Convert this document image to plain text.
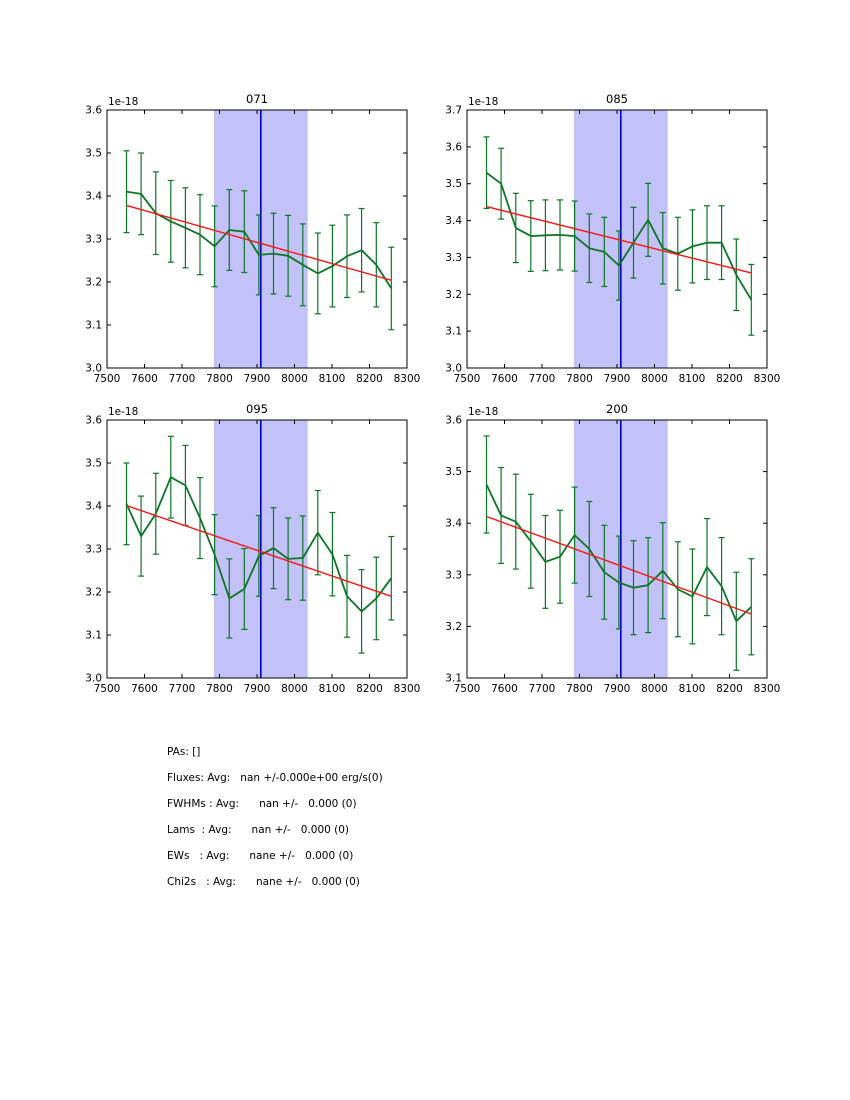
7500 7600 7700 7800 7900 8000 8100 8200 8300
3.0
3.1
3.2
3.3
3.4
3.5
3.6
071
1e-18
7500 7600 7700 7800 7900 8000 8100 8200 8300
3.0
3.1
3.2
3.3
3.4
3.5
3.6
3.7
085
1e-18
7500 7600 7700 7800 7900 8000 8100 8200 8300
3.0
3.1
3.2
3.3
3.4
3.5
3.6
095
1e-18
7500 7600 7700 7800 7900 8000 8100 8200 8300
3.1
3.2
3.3
3.4
3.5
3.6
200
1e-18
PAs: []
Fluxes: Avg:   nan +/-0.000e+00 erg/s(0)
FWHMs : Avg:      nan +/-   0.000 (0)
Lams  : Avg:      nan +/-   0.000 (0)
EWs   : Avg:      nane +/-   0.000 (0)
Chi2s   : Avg:      nane +/-   0.000 (0)
